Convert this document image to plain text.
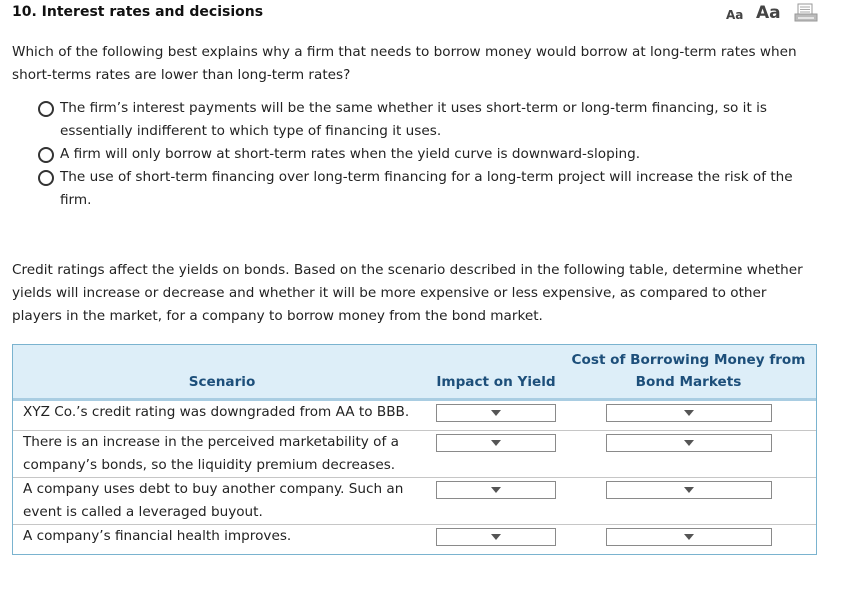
10. Interest rates and decisions	Aa Aa
Which of the following best explains why a firm that needs to borrow money would borrow at long-term rates when short-terms rates are lower than long-term rates?
The firm’s interest payments will be the same whether it uses short-term or long-term financing, so it is essentially indifferent to which type of financing it uses.
A firm will only borrow at short-term rates when the yield curve is downward-sloping.
The use of short-term financing over long-term financing for a long-term project will increase the risk of the firm.
Credit ratings affect the yields on bonds. Based on the scenario described in the following table, determine whether yields will increase or decrease and whether it will be more expensive or less expensive, as compared to other players in the market, for a company to borrow money from the bond market.
Scenario	Impact on Yield	Cost of Borrowing Money from Bond Markets
XYZ Co.’s credit rating was downgraded from AA to BBB.	

There is an increase in the perceived marketability of a company’s bonds, so the liquidity premium decreases.	

A company uses debt to buy another company. Such an event is called a leveraged buyout.	

A company’s financial health improves.	
